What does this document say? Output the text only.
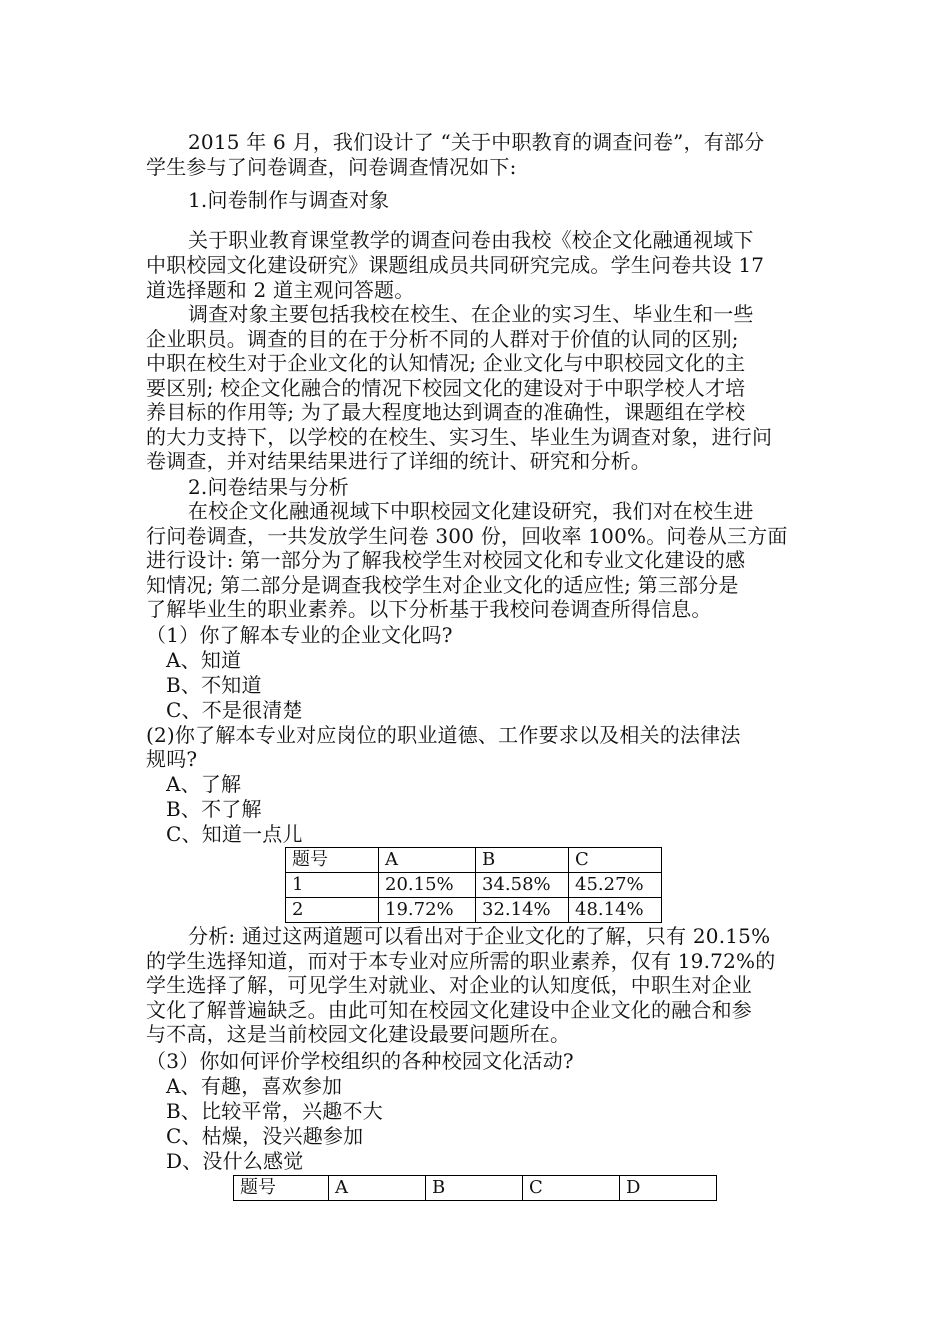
2015 年 6 月，我们设计了 “关于中职教育的调查问卷”，有部分
学生参与了问卷调查，问卷调查情况如下:
1.问卷制作与调查对象
关于职业教育课堂教学的调查问卷由我校《校企文化融通视域下
中职校园文化建设研究》课题组成员共同研究完成。学生问卷共设 17
道选择题和 2 道主观问答题。
调查对象主要包括我校在校生、在企业的实习生、毕业生和一些
企业职员。调查的目的在于分析不同的人群对于价值的认同的区别;
中职在校生对于企业文化的认知情况; 企业文化与中职校园文化的主
要区别; 校企文化融合的情况下校园文化的建设对于中职学校人才培
养目标的作用等; 为了最大程度地达到调查的准确性，课题组在学校
的大力支持下，以学校的在校生、实习生、毕业生为调查对象，进行问
卷调查，并对结果结果进行了详细的统计、研究和分析。
2.问卷结果与分析
在校企文化融通视域下中职校园文化建设研究，我们对在校生进
行问卷调查，一共发放学生问卷 300 份，回收率 100%。问卷从三方面
进行设计: 第一部分为了解我校学生对校园文化和专业文化建设的感
知情况; 第二部分是调查我校学生对企业文化的适应性; 第三部分是
了解毕业生的职业素养。以下分析基于我校问卷调查所得信息。
（1）你了解本专业的企业文化吗?
A、知道
B、不知道
C、不是很清楚
(2)你了解本专业对应岗位的职业道德、工作要求以及相关的法律法
规吗?
A、了解
B、不了解
C、知道一点儿
题号	A	B	C
1	20.15%	34.58%	45.27%
2	19.72%	32.14%	48.14%
分析: 通过这两道题可以看出对于企业文化的了解，只有 20.15%
的学生选择知道，而对于本专业对应所需的职业素养，仅有 19.72%的
学生选择了解，可见学生对就业、对企业的认知度低，中职生对企业
文化了解普遍缺乏。由此可知在校园文化建设中企业文化的融合和参
与不高，这是当前校园文化建设最要问题所在。
（3）你如何评价学校组织的各种校园文化活动?
A、有趣，喜欢参加
B、比较平常，兴趣不大
C、枯燥，没兴趣参加
D、没什么感觉
题号	A	B	C	D
